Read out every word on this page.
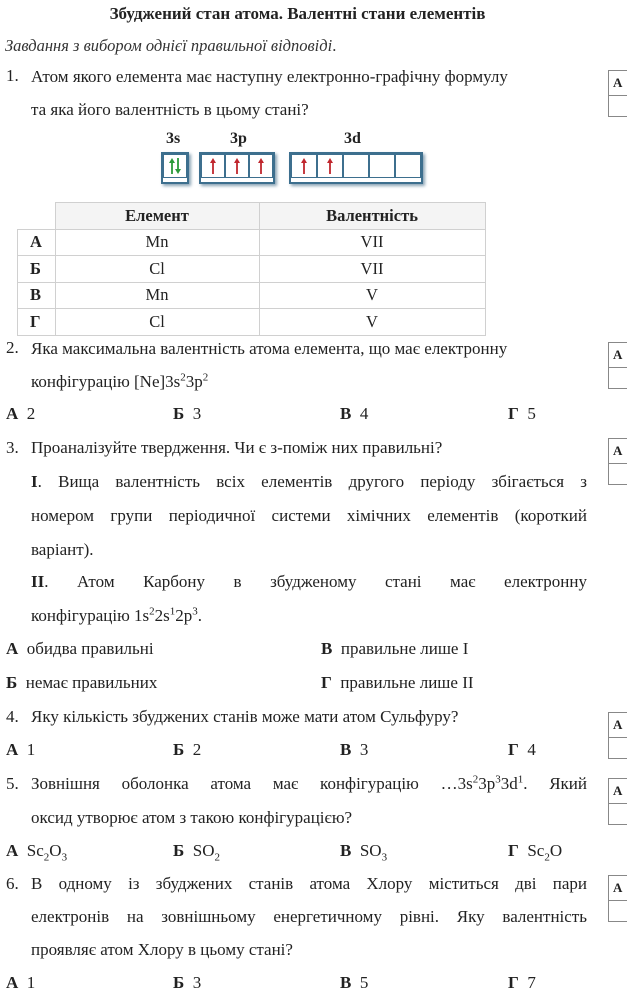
Збуджений стан атома. Валентні стани елементів
Завдання з вибором однієї правильної відповіді.
1. Атом якого елемента має наступну електронно-графічну формулу
та яка його валентність в цьому стані?
А
3s	3p	3d
	Елемент	Валентність
А	Mn	VII
Б	Cl	VII
В	Mn	V
Г	Cl	V
2. Яка максимальна валентність атома елемента, що має електронну
конфігурацію $[Ne]3s^23p^2$
А
А 2	Б 3	В 4	Г 5
3. Проаналізуйте твердження. Чи є з-поміж них правильні?	А
І. Вища валентність всіх елементів другого періоду збігається з
номером групи періодичної системи хімічних елементів (короткий
варіант).
ІІ. Атом Карбону в збудженому стані має електронну
конфігурацію $1s^22s^12p^3$.
А обидва правильні	В правильне лише І
Б немає правильних	Г правильне лише ІІ
4. Яку кількість збуджених станів може мати атом Сульфуру?	А
А 1	Б 2	В 3	Г 4
5. Зовнішня оболонка атома має конфігурацію $\dots 3s^23p^33d^1$. Який
оксид утворює атом з такою конфігурацією?
А
А $Sc_2O_3$	Б $SO_2$	В $SO_3$	Г $Sc_2O$
6. В одному із збуджених станів атома Хлору міститься дві пари
електронів на зовнішньому енергетичному рівні. Яку валентність
проявляє атом Хлору в цьому стані?
А
А 1	Б 3	В 5	Г 7
